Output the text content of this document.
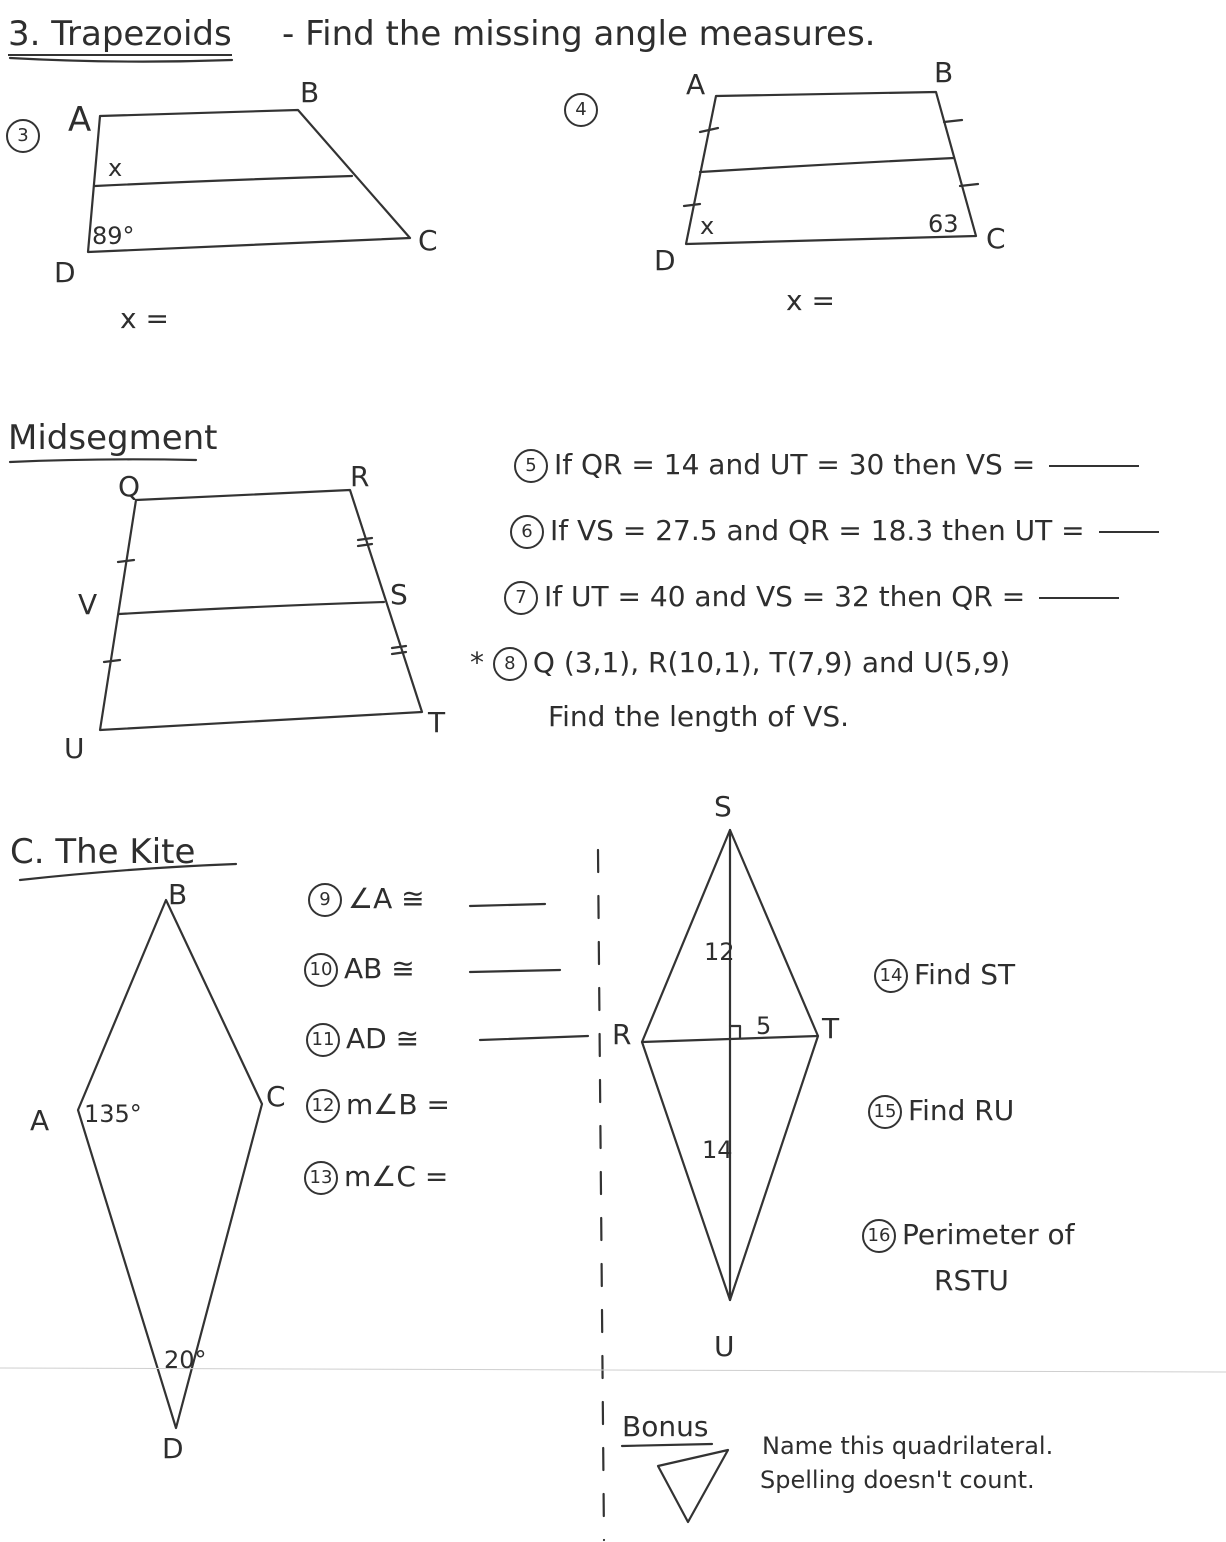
3. Trapezoids - Find the missing angle measures.
3	A
B
C
D
x
89°
x =
4
A	B
C
D
x	63
x =
Midsegment
Q	R
S
T
U
V
5 If QR = 14 and UT = 30 then VS =
6 If VS = 27.5 and QR = 18.3 then UT =
7 If UT = 40 and VS = 32 then QR =
* 8 Q (3,1), R(10,1), T(7,9) and U(5,9)
Find the length of VS.
C. The Kite
B
C
A
D
135°
20°
9 ∠A ≅
10 AB ≅
11 AD ≅
12 m∠B =
13 m∠C =
S
R	T
U
12
5
14
14 Find ST
15 Find RU
16 Perimeter of
RSTU
Bonus
Name this quadrilateral.
Spelling doesn't count.
